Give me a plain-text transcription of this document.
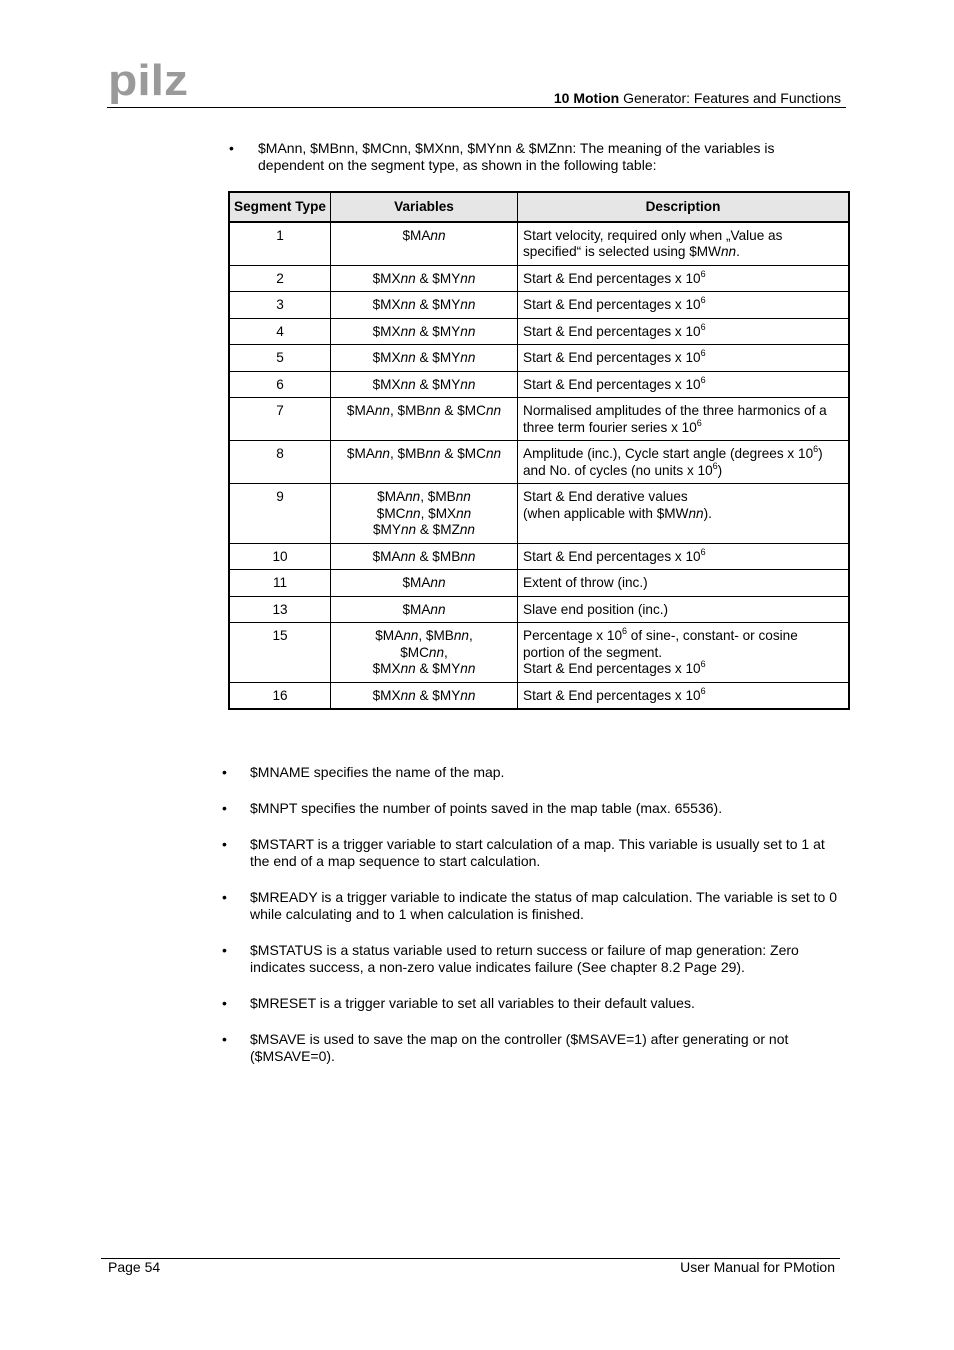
pilz	10 Motion Generator: Features and Functions
•	$MAnn, $MBnn, $MCnn, $MXnn, $MYnn & $MZnn: The meaning of the variables is dependent on the segment type, as shown in the following table:
Segment Type	Variables	Description
1	$MAnn	Start velocity, required only when „Value as specified“ is selected using $MWnn.
2	$MXnn & $MYnn	Start & End percentages x $10^6$
3	$MXnn & $MYnn	Start & End percentages x $10^6$
4	$MXnn & $MYnn	Start & End percentages x $10^6$
5	$MXnn & $MYnn	Start & End percentages x $10^6$
6	$MXnn & $MYnn	Start & End percentages x $10^6$
7	$MAnn, $MBnn & $MCnn	Normalised amplitudes of the three harmonics of a three term fourier series x $10^6$
8	$MAnn, $MBnn & $MCnn	Amplitude (inc.), Cycle start angle (degrees x $10^6$) and No. of cycles (no units x $10^6$)
9	$MAnn, $MBnn
$MCnn, $MXnn
$MYnn & $MZnn	Start & End derative values
(when applicable with $MWnn).
10	$MAnn & $MBnn	Start & End percentages x $10^6$
11	$MAnn	Extent of throw (inc.)
13	$MAnn	Slave end position (inc.)
15	$MAnn, $MBnn,
$MCnn,
$MXnn & $MYnn	Percentage x $10^6$ of sine-, constant- or cosine portion of the segment.
Start & End percentages x $10^6$
16	$MXnn & $MYnn	Start & End percentages x $10^6$
• $MNAME specifies the name of the map.
• $MNPT specifies the number of points saved in the map table (max. 65536).
• $MSTART is a trigger variable to start calculation of a map. This variable is usually set to 1 at the end of a map sequence to start calculation.
• $MREADY is a trigger variable to indicate the status of map calculation. The variable is set to 0 while calculating and to 1 when calculation is finished.
• $MSTATUS is a status variable used to return success or failure of map generation: Zero indicates success, a non-zero value indicates failure (See chapter 8.2 Page 29).
• $MRESET is a trigger variable to set all variables to their default values.
• $MSAVE is used to save the map on the controller ($MSAVE=1) after generating or not ($MSAVE=0).
Page 54	User Manual for PMotion
